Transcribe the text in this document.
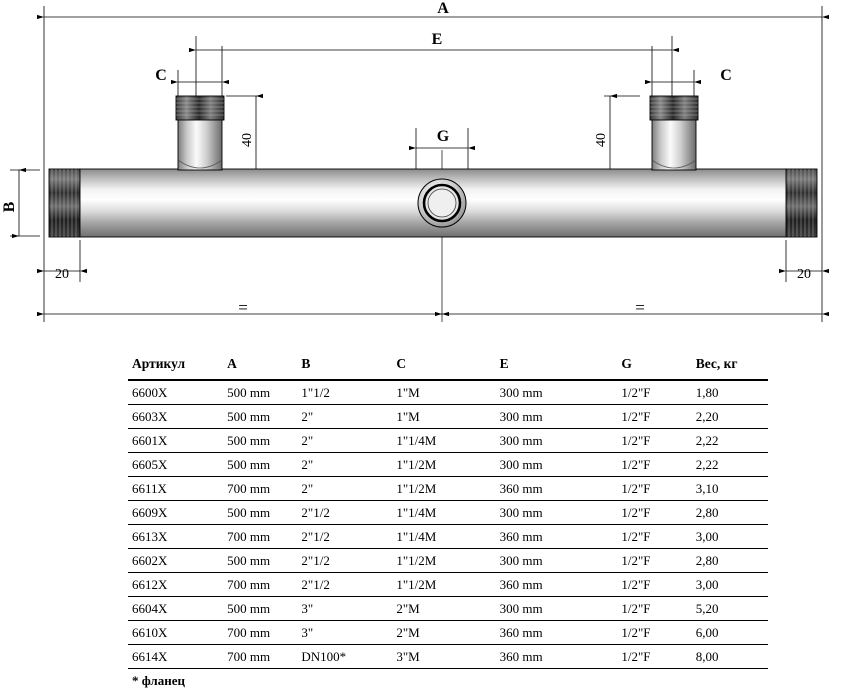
A
E
C	C
G
B
40	40
20	20
=	=
Артикул	A	B	C	E	G	Вес, кг
6600X	500 mm	1"1/2	1"M	300 mm	1/2"F	1,80
6603X	500 mm	2"	1"M	300 mm	1/2"F	2,20
6601X	500 mm	2"	1"1/4M	300 mm	1/2"F	2,22
6605X	500 mm	2"	1"1/2M	300 mm	1/2"F	2,22
6611X	700 mm	2"	1"1/2M	360 mm	1/2"F	3,10
6609X	500 mm	2"1/2	1"1/4M	300 mm	1/2"F	2,80
6613X	700 mm	2"1/2	1"1/4M	360 mm	1/2"F	3,00
6602X	500 mm	2"1/2	1"1/2M	300 mm	1/2"F	2,80
6612X	700 mm	2"1/2	1"1/2M	360 mm	1/2"F	3,00
6604X	500 mm	3"	2"M	300 mm	1/2"F	5,20
6610X	700 mm	3"	2"M	360 mm	1/2"F	6,00
6614X	700 mm	DN100*	3"M	360 mm	1/2"F	8,00
* фланец
